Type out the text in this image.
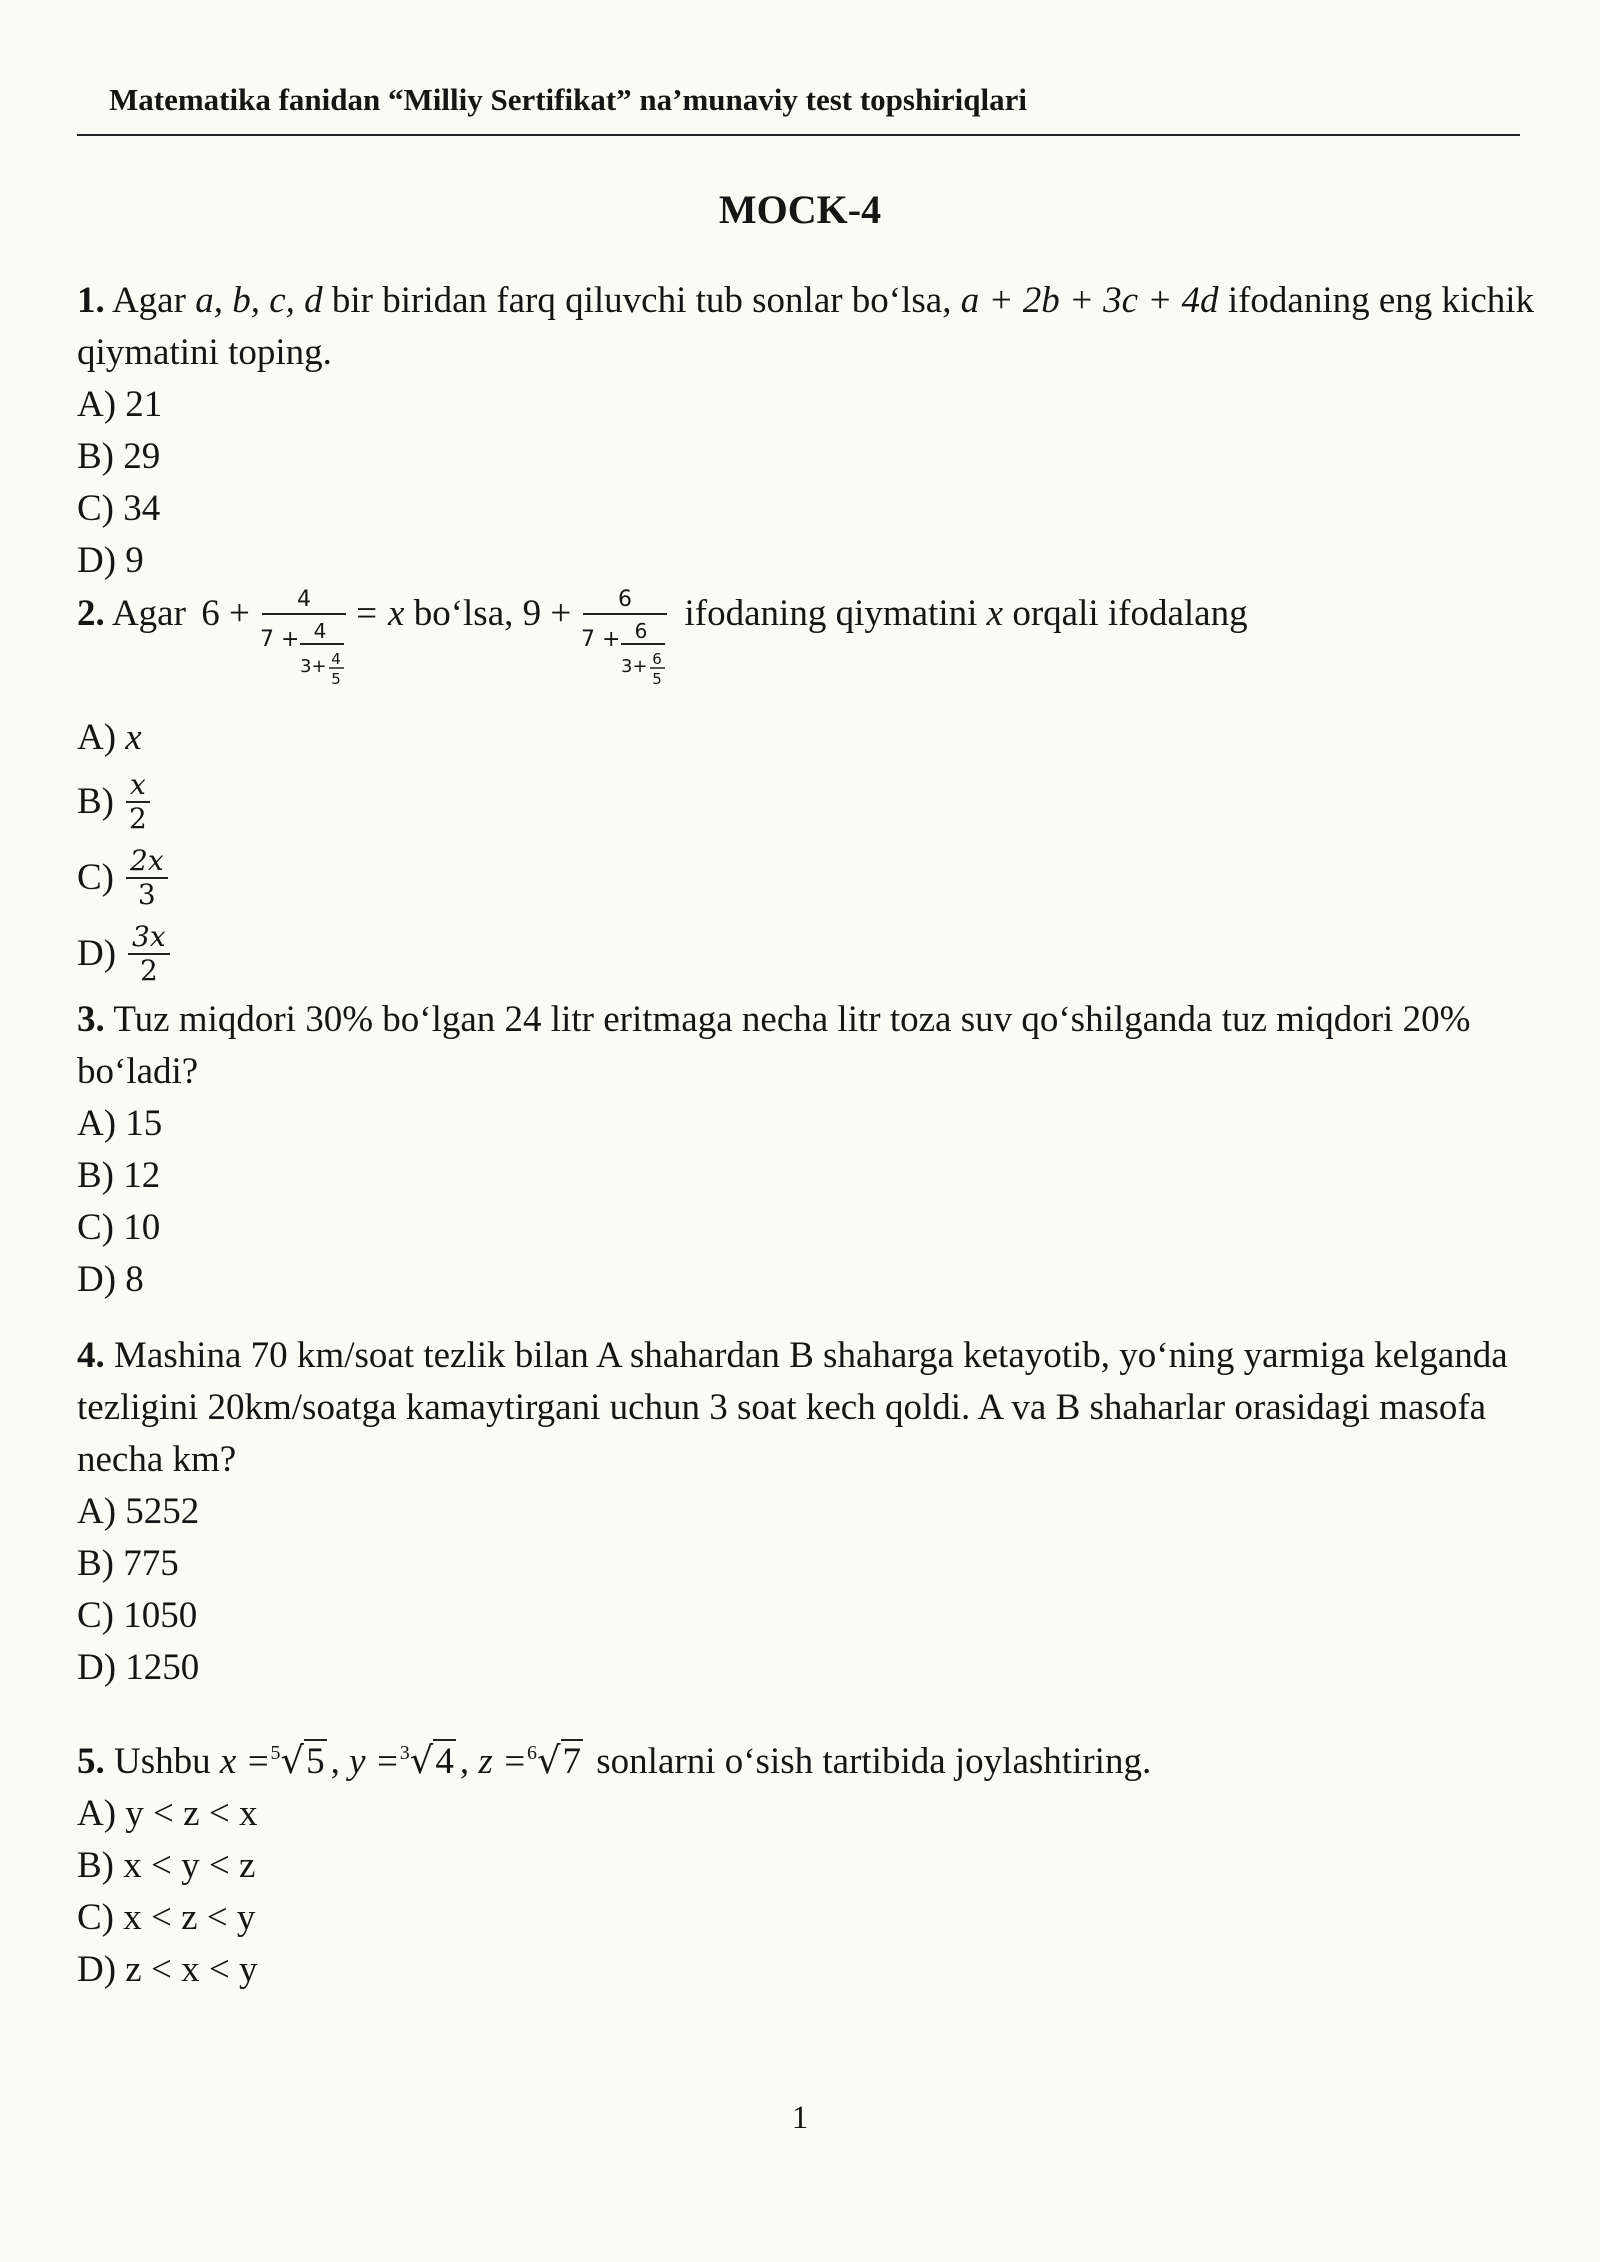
Matematika fanidan “Milliy Sertifikat” na’munaviy test topshiriqlari
MOCK-4
1. Agar a, b, c, d bir biridan farq qiluvchi tub sonlar bo‘lsa, a + 2b + 3c + 4d ifodaning eng kichik qiymatini toping.
A) 21
B) 29
C) 34
D) 9
2. Agar 6 + 4
7 + 4
3+ 4
5
= x bo‘lsa, 9 + 6
7 + 6
3+ 6
5
ifodaning qiymatini x orqali ifodalang
A) x
$B) \frac{x}{2}$
$C) \frac{2x}{3}$
$D) \frac{3x}{2}$
3. Tuz miqdori 30% bo‘lgan 24 litr eritmaga necha litr toza suv qo‘shilganda tuz miqdori 20% bo‘ladi?
A) 15
B) 12
C) 10
D) 8
4. Mashina 70 km/soat tezlik bilan A shahardan B shaharga ketayotib, yo‘ning yarmiga kelganda tezligini 20km/soatga kamaytirgani uchun 3 soat kech qoldi. A va B shaharlar orasidagi masofa necha km?
A) 5252
B) 775
C) 1050
D) 1250
5. Ushbu x = 5 √5 , y = 3 √4 , z = 6 √7 sonlarni o‘sish tartibida joylashtiring.
A) y < z < x
B) x < y < z
C) x < z < y
D) z < x < y
1
